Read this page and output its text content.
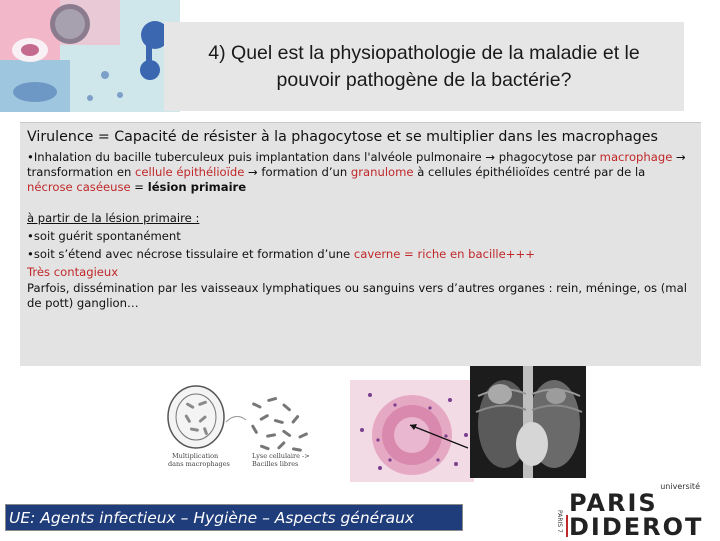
4) Quel est la physiopathologie de la maladie et le pouvoir pathogène de la bactérie?
Virulence = Capacité de résister à la phagocytose et se multiplier dans les macrophages
•Inhalation du bacille tuberculeux puis implantation dans l'alvéole pulmonaire → phagocytose par macrophage → transformation en cellule épithélioïde → formation d’un granulome à cellules épithélioïdes centré par de la nécrose caséeuse = lésion primaire
à partir de la lésion primaire :
•soit guérit spontanément
•soit s’étend avec nécrose tissulaire et formation d’une caverne = riche en bacille+++
Très contagieux
Parfois, dissémination par les vaisseaux lymphatiques ou sanguins vers d’autres organes : rein, méninge, os (mal de pott) ganglion…
Multiplication
dans macrophages
Lyse cellulaire ->
Bacilles libres
UE: Agents infectieux – Hygiène – Aspects généraux
université
PARIS
PARIS 7 DIDEROT
